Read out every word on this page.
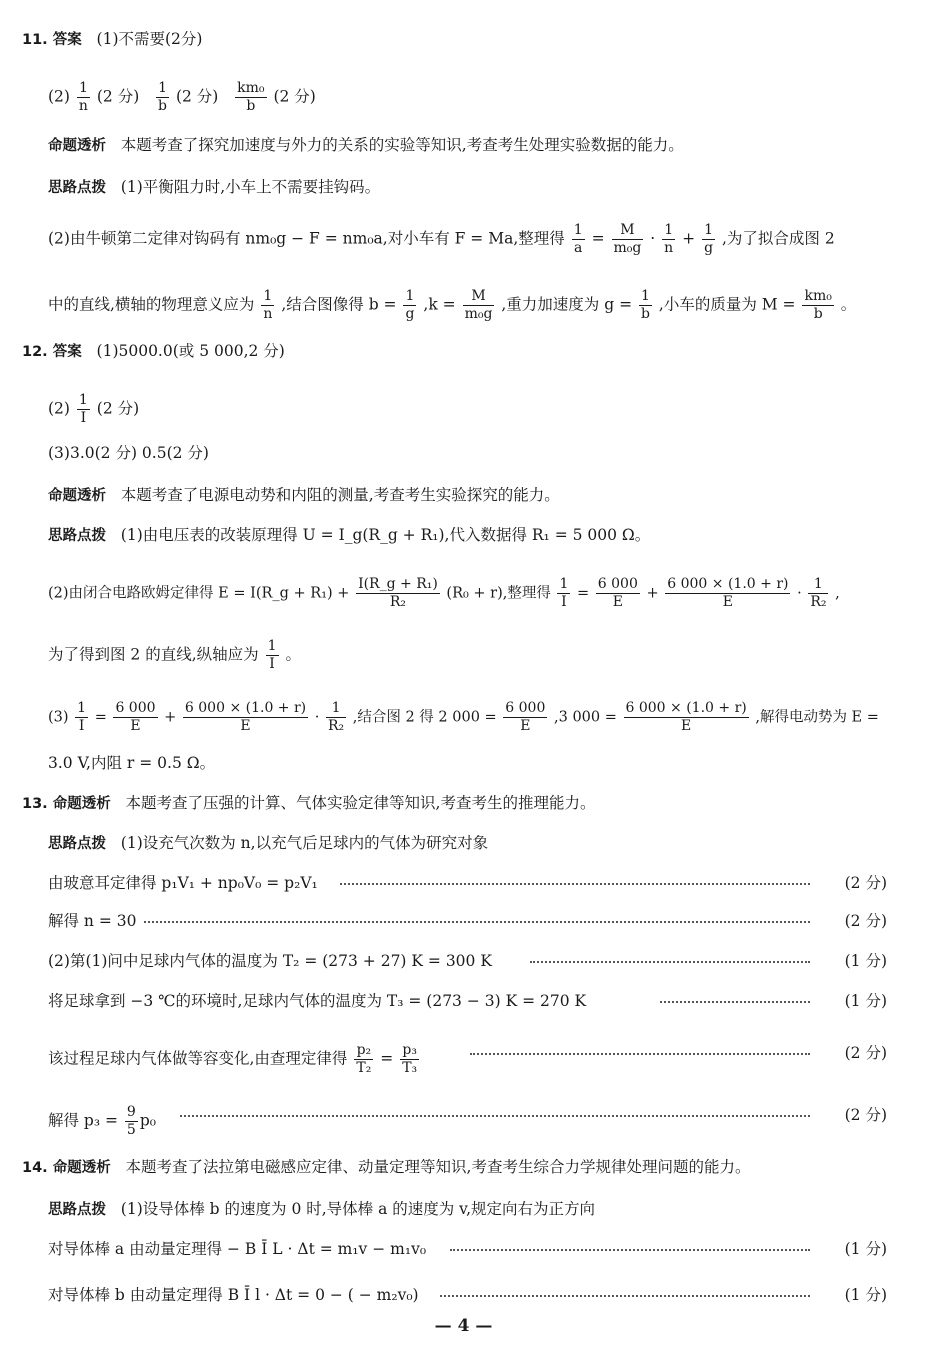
11. 答案 (1)不需要(2分)
$(2) \frac{1}{n} (2$ 分) $\frac{1}{b} (2$ 分) $\frac{\text{km₀}}{b} (2$ 分)
命题透析 本题考查了探究加速度与外力的关系的实验等知识,考查考生处理实验数据的能力。
思路点拨 (1)平衡阻力时,小车上不需要挂钩码。
(2)由牛顿第二定律对钩码有 nm₀g − F = nm₀a,对小车有 F = Ma,整理得 $\frac{1}{a} = \frac{M}{\text{m₀g}} \cdot \frac{1}{n} + \frac{1}{g}$ ,为了拟合成图 2
中的直线,横轴的物理意义应为 $\frac{1}{n}$ ,结合图像得 $b = \frac{1}{g} ,k = \frac{M}{\text{m₀g}}$ ,重力加速度为 $g = \frac{1}{b}$ ,小车的质量为 $M = \frac{\text{km₀}}{b}$ 。
12. 答案 (1)5000.0(或 5 000,2 分)
$(2) \frac{1}{I} (2$ 分)
(3)3.0(2 分) 0.5(2 分)
命题透析 本题考查了电源电动势和内阻的测量,考查考生实验探究的能力。
思路点拨 (1)由电压表的改装原理得 U = I_g(R_g + R₁),代入数据得 R₁ = 5 000 Ω。
(2)由闭合电路欧姆定律得 E = I(R_g + $R_1) + \frac{\text{I(R\_g + R₁)}}{\text{R₂}} (R_0 + r)$,整理得 $\frac{1}{I} = \frac{6 000}{E} + \frac{6 000 \times (1.0 + r)}{E} \cdot \frac{1}{\text{R₂}}$ ,
为了得到图 2 的直线,纵轴应为 $\frac{1}{I}$ 。
$(3) \frac{1}{I} = \frac{6 000}{E} + \frac{6 000 \times (1.0 + r)}{E} \cdot \frac{1}{\text{R₂}}$ ,结合图 2 得 2 $000 = \frac{6 000}{E} ,3$ $000 = \frac{6 000 \times (1.0 + r)}{E}$ ,解得电动势为 E =
3.0 V,内阻 r = 0.5 Ω。
13. 命题透析 本题考查了压强的计算、气体实验定律等知识,考查考生的推理能力。
思路点拨 (1)设充气次数为 n,以充气后足球内的气体为研究对象
由玻意耳定律得 p₁V₁ + np₀V₀ = p₂V₁	(2 分)
解得 n = 30	(2 分)
(2)第(1)问中足球内气体的温度为 T₂ = (273 + 27) K = 300 K	(1 分)
将足球拿到 −3 ℃的环境时,足球内气体的温度为 T₃ = (273 − 3) K = 270 K	(1 分)
该过程足球内气体做等容变化,由查理定律得 $\frac{\text{p₂}}{\text{T₂}} = \frac{\text{p₃}}{\text{T₃}}$	(2 分)
解得 $p_3 = \frac{9}{5} p_0$	(2 分)
14. 命题透析 本题考查了法拉第电磁感应定律、动量定理等知识,考查考生综合力学规律处理问题的能力。
思路点拨 (1)设导体棒 b 的速度为 0 时,导体棒 a 的速度为 v,规定向右为正方向
对导体棒 a 由动量定理得 − B Ī L · Δt = m₁v − m₁v₀	(1 分)
对导体棒 b 由动量定理得 B Ī l · Δt = 0 − ( − m₂v₀)	(1 分)
— 4 —
